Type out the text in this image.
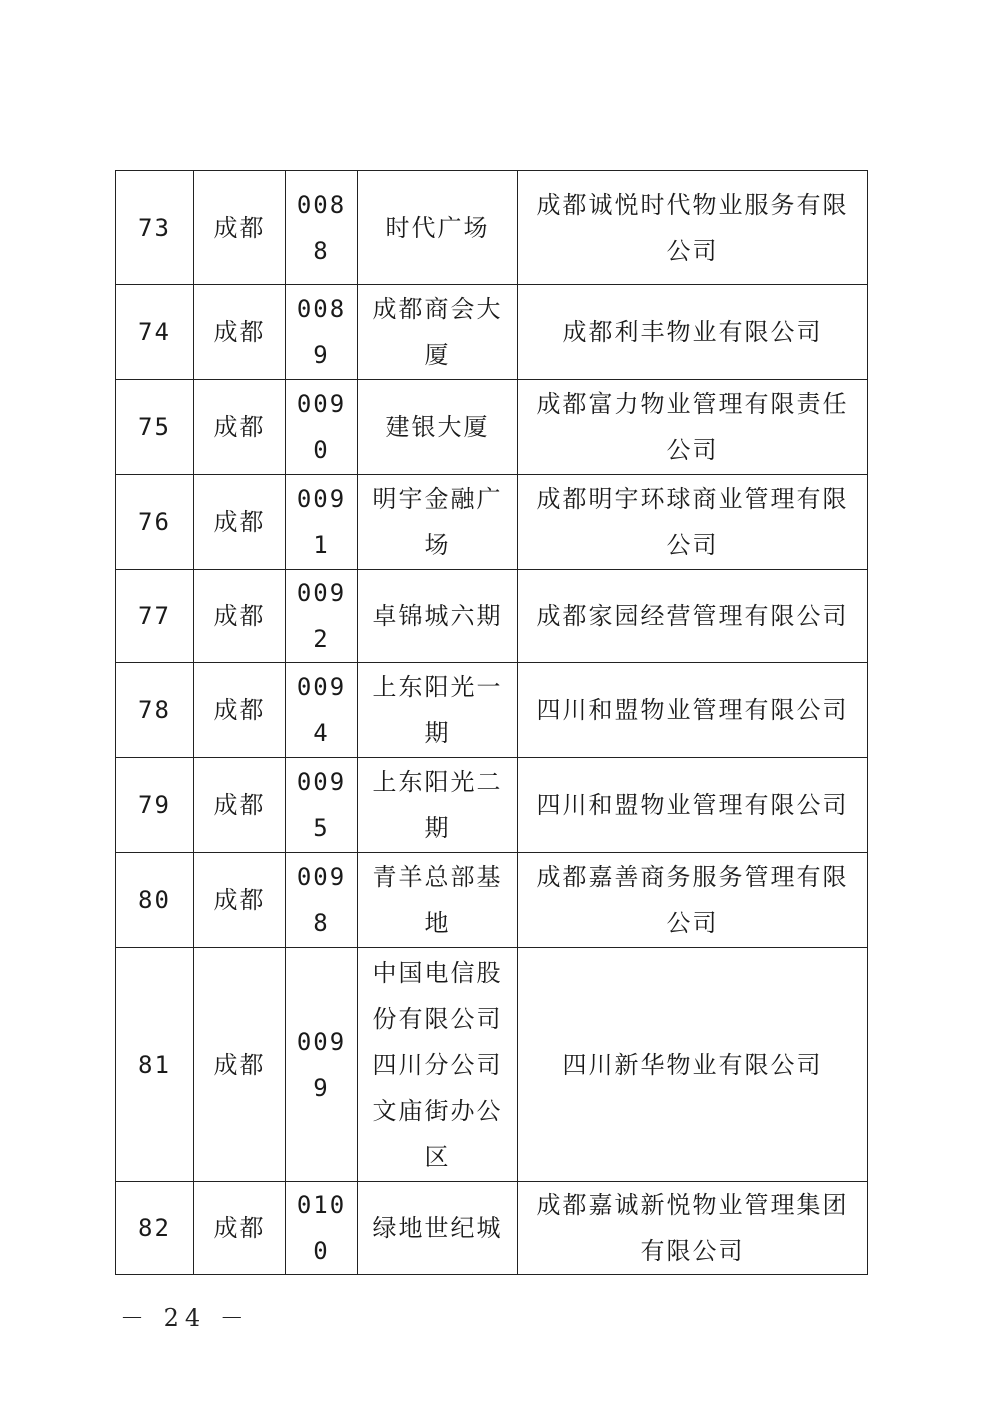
73	成都	0088	时代广场	成都诚悦时代物业服务有限公司
74	成都	0089	成都商会大厦	成都利丰物业有限公司
75	成都	0090	建银大厦	成都富力物业管理有限责任公司
76	成都	0091	明宇金融广场	成都明宇环球商业管理有限公司
77	成都	0092	卓锦城六期	成都家园经营管理有限公司
78	成都	0094	上东阳光一期	四川和盟物业管理有限公司
79	成都	0095	上东阳光二期	四川和盟物业管理有限公司
80	成都	0098	青羊总部基地	成都嘉善商务服务管理有限公司
81	成都	0099	中国电信股份有限公司四川分公司文庙街办公区	四川新华物业有限公司
82	成都	0100	绿地世纪城	成都嘉诚新悦物业管理集团有限公司
－ 24 －
